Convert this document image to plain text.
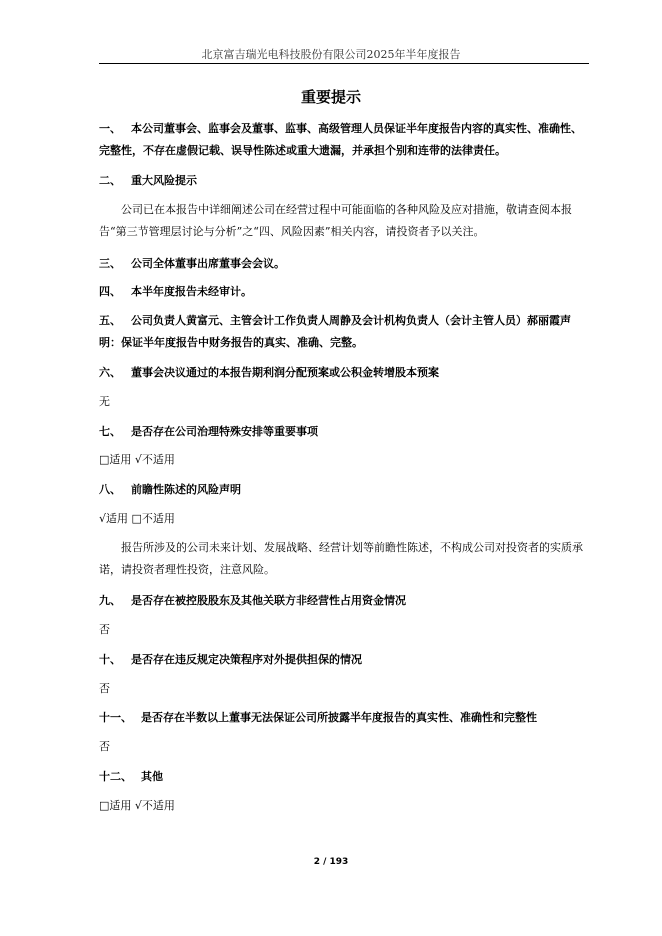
北京富吉瑞光电科技股份有限公司2025年半年度报告
重要提示

一、 本公司董事会、监事会及董事、监事、高级管理人员保证半年度报告内容的真实性、准确性、完整性，不存在虚假记载、误导性陈述或重大遗漏，并承担个别和连带的法律责任。

二、 重大风险提示

公司已在本报告中详细阐述公司在经营过程中可能面临的各种风险及应对措施，敬请查阅本报告“第三节管理层讨论与分析”之“四、风险因素”相关内容，请投资者予以关注。

三、 公司全体董事出席董事会会议。

四、 本半年度报告未经审计。

五、 公司负责人黄富元、主管会计工作负责人周静及会计机构负责人（会计主管人员）郝丽霞声明：保证半年度报告中财务报告的真实、准确、完整。

六、 董事会决议通过的本报告期利润分配预案或公积金转增股本预案

无

七、 是否存在公司治理特殊安排等重要事项

□适用 √不适用

八、 前瞻性陈述的风险声明

√适用 □不适用

报告所涉及的公司未来计划、发展战略、经营计划等前瞻性陈述，不构成公司对投资者的实质承诺，请投资者理性投资，注意风险。

九、 是否存在被控股股东及其他关联方非经营性占用资金情况

否

十、 是否存在违反规定决策程序对外提供担保的情况

否

十一、 是否存在半数以上董事无法保证公司所披露半年度报告的真实性、准确性和完整性

否

十二、 其他

□适用 √不适用

2 / 193
